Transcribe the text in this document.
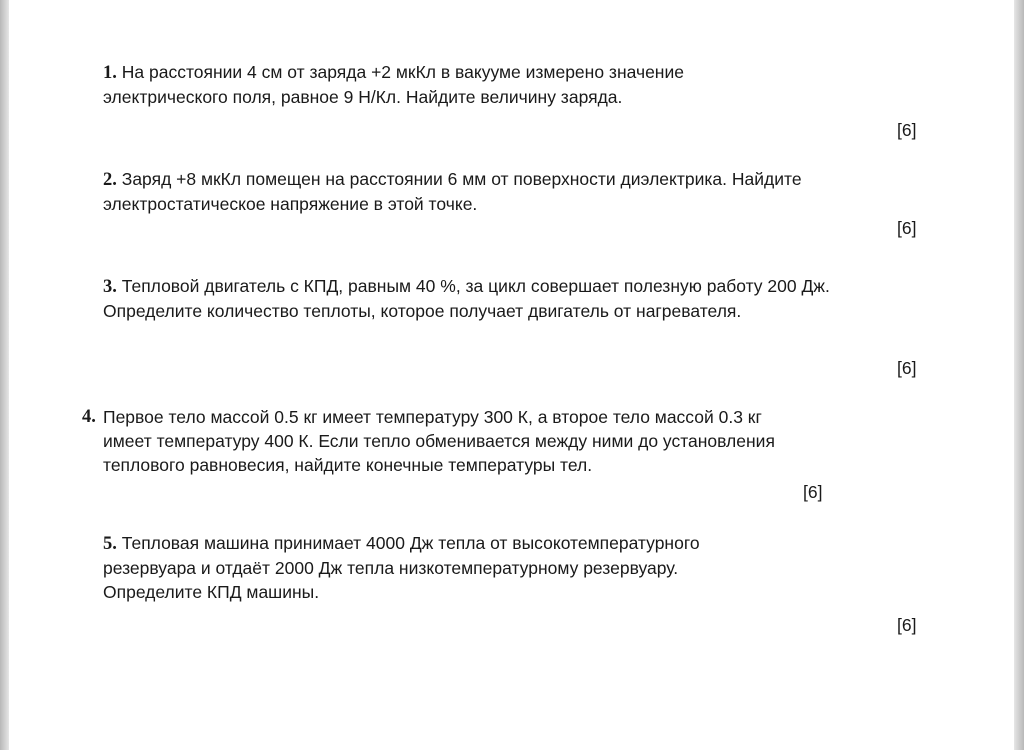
1. На расстоянии 4 см от заряда +2 мкКл в вакууме измерено значение
электрического поля, равное 9 Н/Кл. Найдите величину заряда.
[6]
2. Заряд +8 мкКл помещен на расстоянии 6 мм от поверхности диэлектрика. Найдите
электростатическое напряжение в этой точке.
[6]
3. Тепловой двигатель с КПД, равным 40 %, за цикл совершает полезную работу 200 Дж.
Определите количество теплоты, которое получает двигатель от нагревателя.
[6]
4. Первое тело массой 0.5 кг имеет температуру 300 К, а второе тело массой 0.3 кг
имеет температуру 400 К. Если тепло обменивается между ними до установления
теплового равновесия, найдите конечные температуры тел.
[6]
5. Тепловая машина принимает 4000 Дж тепла от высокотемпературного
резервуара и отдаёт 2000 Дж тепла низкотемпературному резервуару.
Определите КПД машины.
[6]
